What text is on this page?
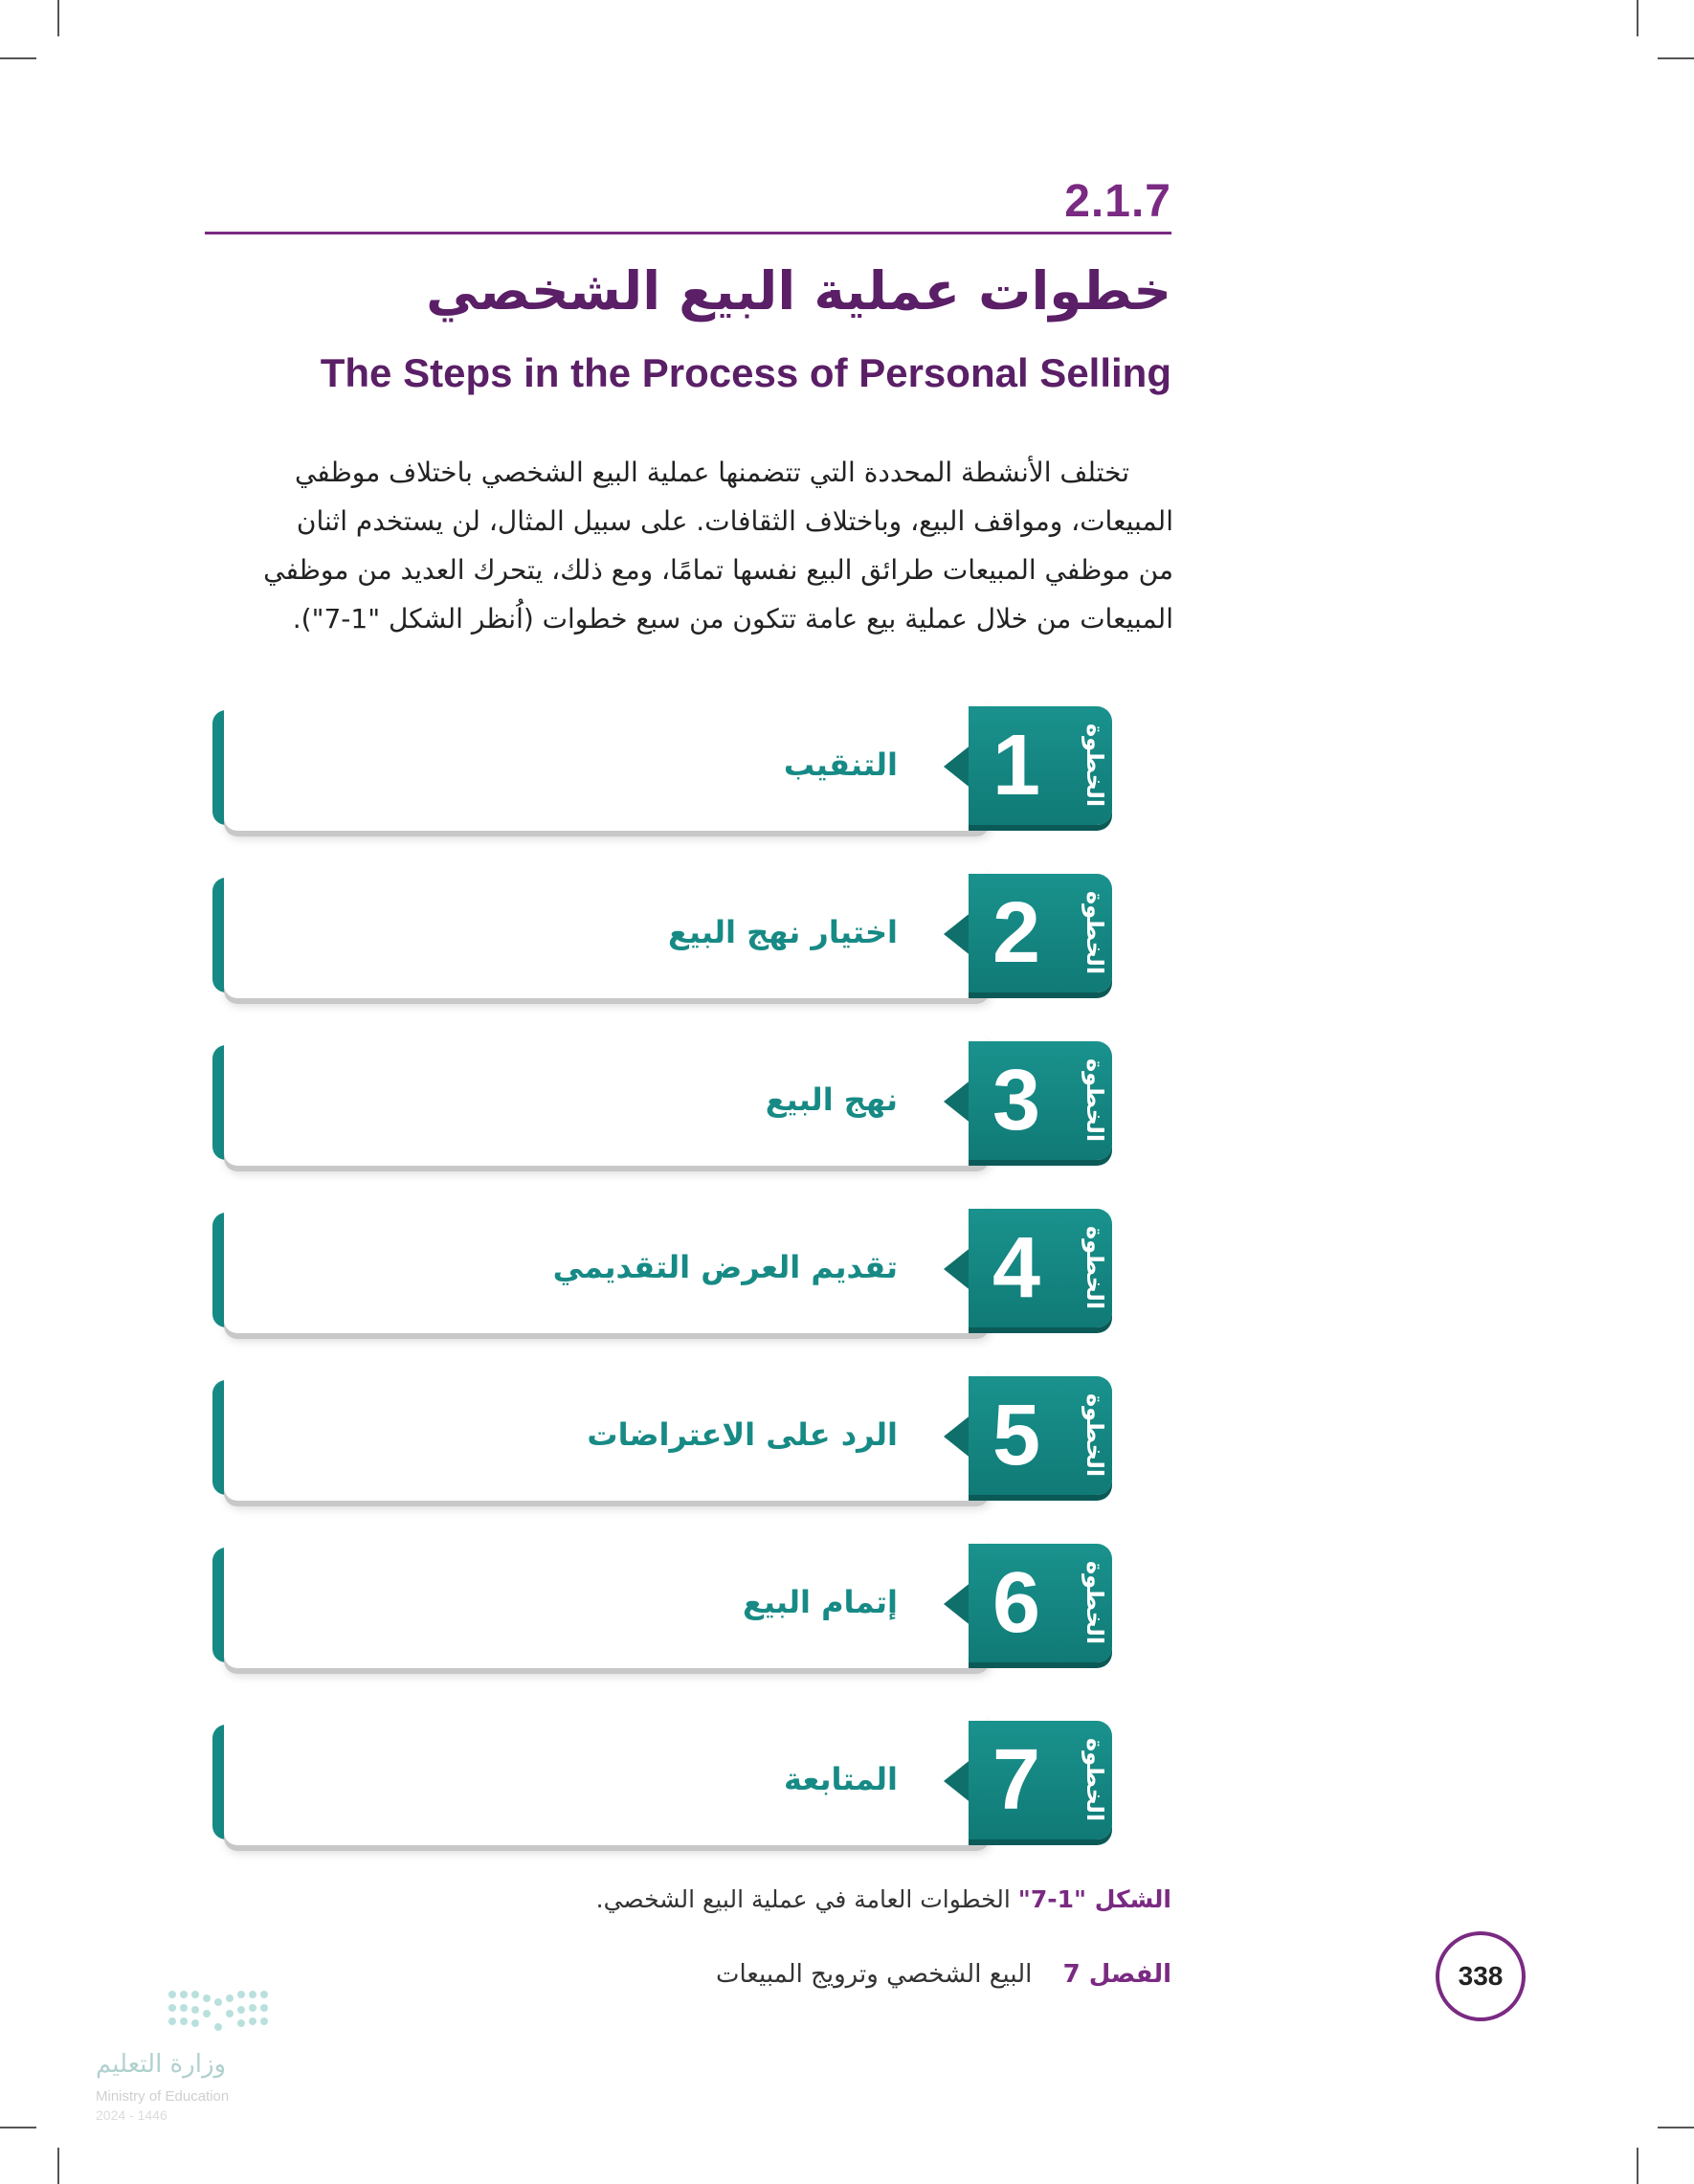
2.1.7
خطوات عملية البيع الشخصي
The Steps in the Process of Personal Selling
تختلف الأنشطة المحددة التي تتضمنها عملية البيع الشخصي باختلاف موظفي
المبيعات، ومواقف البيع، وباختلاف الثقافات. على سبيل المثال، لن يستخدم اثنان
من موظفي المبيعات طرائق البيع نفسها تمامًا، ومع ذلك، يتحرك العديد من موظفي
المبيعات من خلال عملية بيع عامة تتكون من سبع خطوات (اُنظر الشكل "1-7").
التنقيب 1	الخطوة
اختيار نهج البيع 2	الخطوة
نهج البيع 3	الخطوة
تقديم العرض التقديمي 4	الخطوة
الرد على الاعتراضات 5	الخطوة
إتمام البيع 6	الخطوة
المتابعة 7	الخطوة
الشكل "1-7" الخطوات العامة في عملية البيع الشخصي.
الفصل 7 البيع الشخصي وترويج المبيعات	338
وزارة التعليم
Ministry of Education
2024 - 1446
